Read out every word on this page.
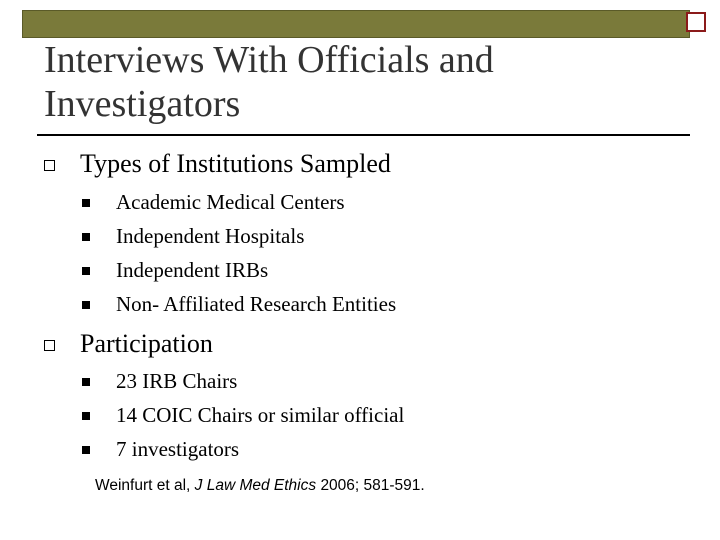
Interviews With Officials and
Investigators
Types of Institutions Sampled
Academic Medical Centers
Independent Hospitals
Independent IRBs
Non- Affiliated Research Entities
Participation
23 IRB Chairs
14 COIC Chairs or similar official
7 investigators
Weinfurt et al, J Law Med Ethics 2006; 581-591.
